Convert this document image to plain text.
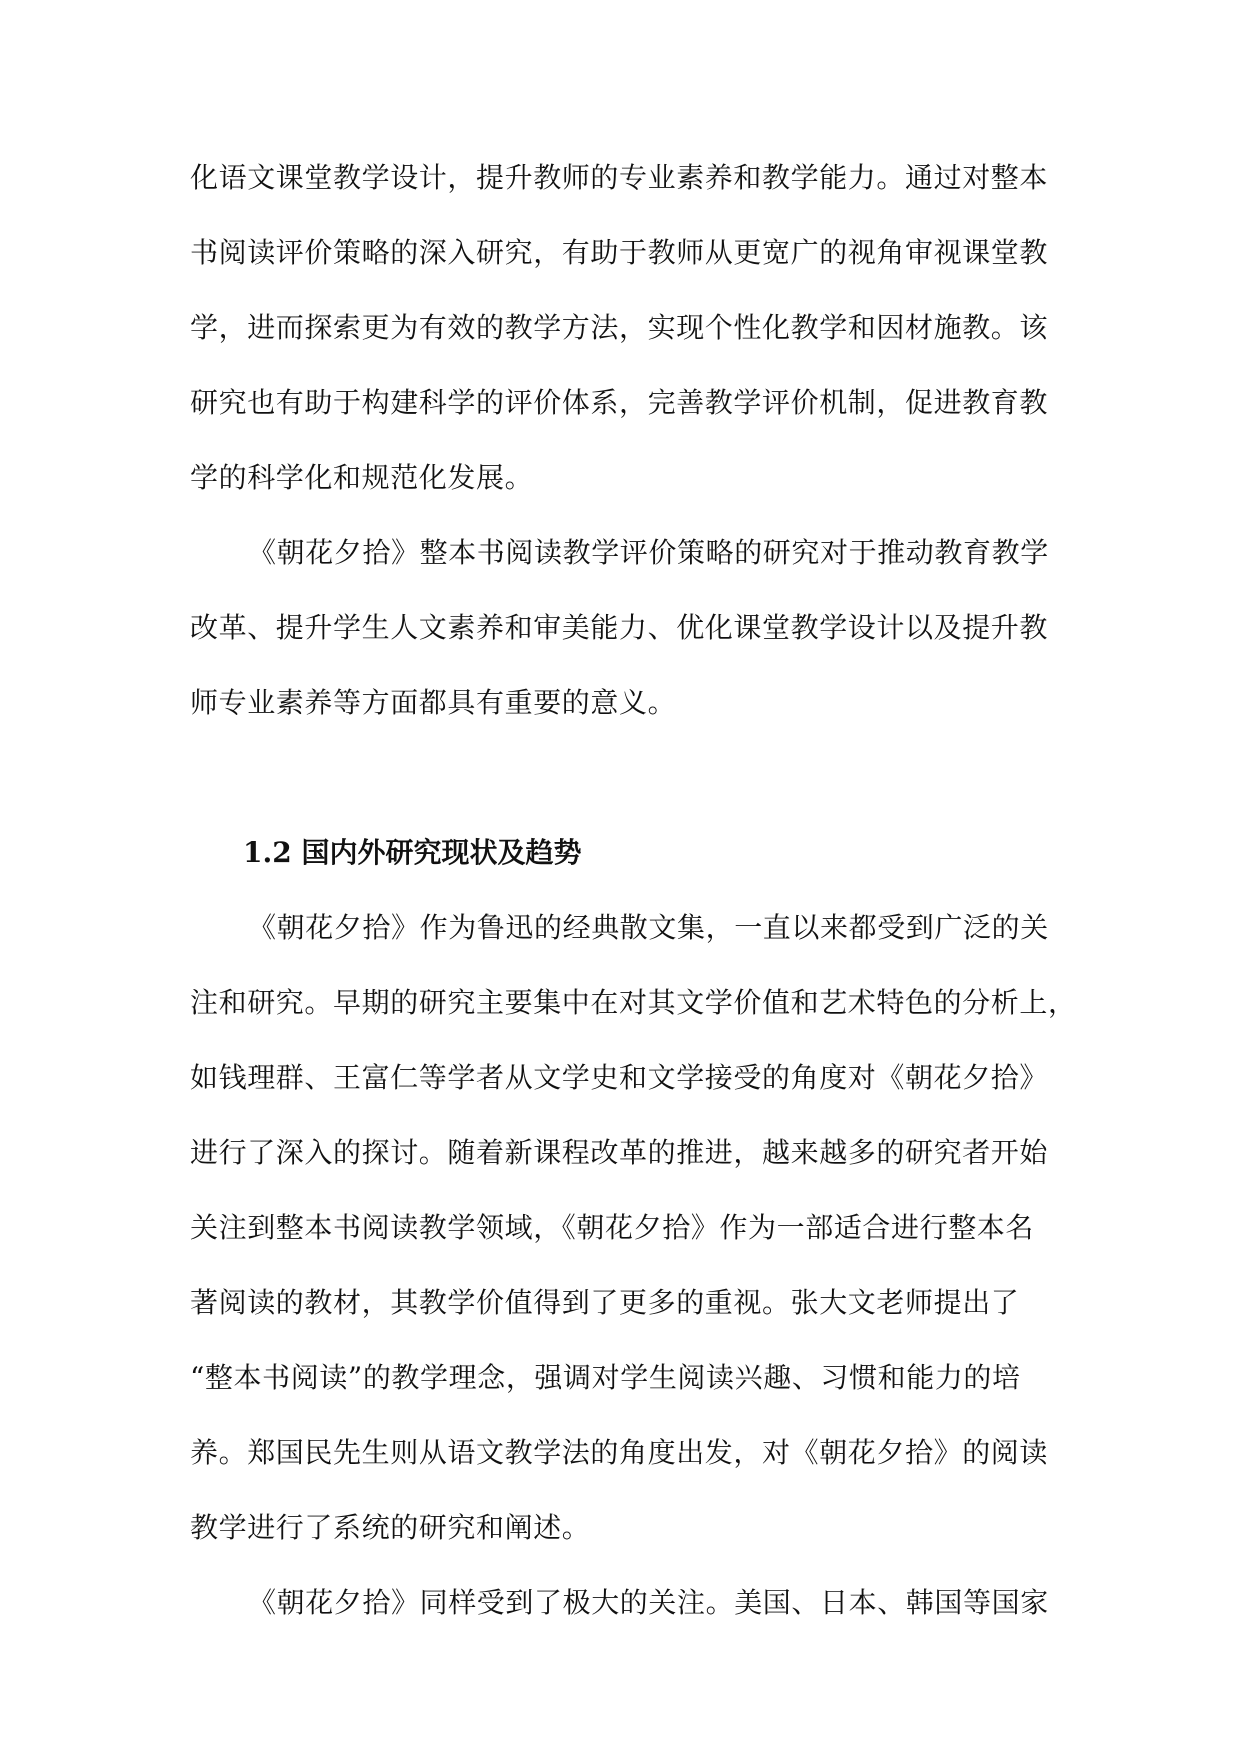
化语文课堂教学设计，提升教师的专业素养和教学能力。通过对整本
书阅读评价策略的深入研究，有助于教师从更宽广的视角审视课堂教
学，进而探索更为有效的教学方法，实现个性化教学和因材施教。该
研究也有助于构建科学的评价体系，完善教学评价机制，促进教育教
学的科学化和规范化发展。
《朝花夕拾》整本书阅读教学评价策略的研究对于推动教育教学
改革、提升学生人文素养和审美能力、优化课堂教学设计以及提升教
师专业素养等方面都具有重要的意义。
1.2 国内外研究现状及趋势
《朝花夕拾》作为鲁迅的经典散文集，一直以来都受到广泛的关
注和研究。早期的研究主要集中在对其文学价值和艺术特色的分析上，
如钱理群、王富仁等学者从文学史和文学接受的角度对《朝花夕拾》
进行了深入的探讨。随着新课程改革的推进，越来越多的研究者开始
关注到整本书阅读教学领域，《朝花夕拾》作为一部适合进行整本名
著阅读的教材，其教学价值得到了更多的重视。张大文老师提出了
“整本书阅读”的教学理念，强调对学生阅读兴趣、习惯和能力的培
养。郑国民先生则从语文教学法的角度出发，对《朝花夕拾》的阅读
教学进行了系统的研究和阐述。
《朝花夕拾》同样受到了极大的关注。美国、日本、韩国等国家
